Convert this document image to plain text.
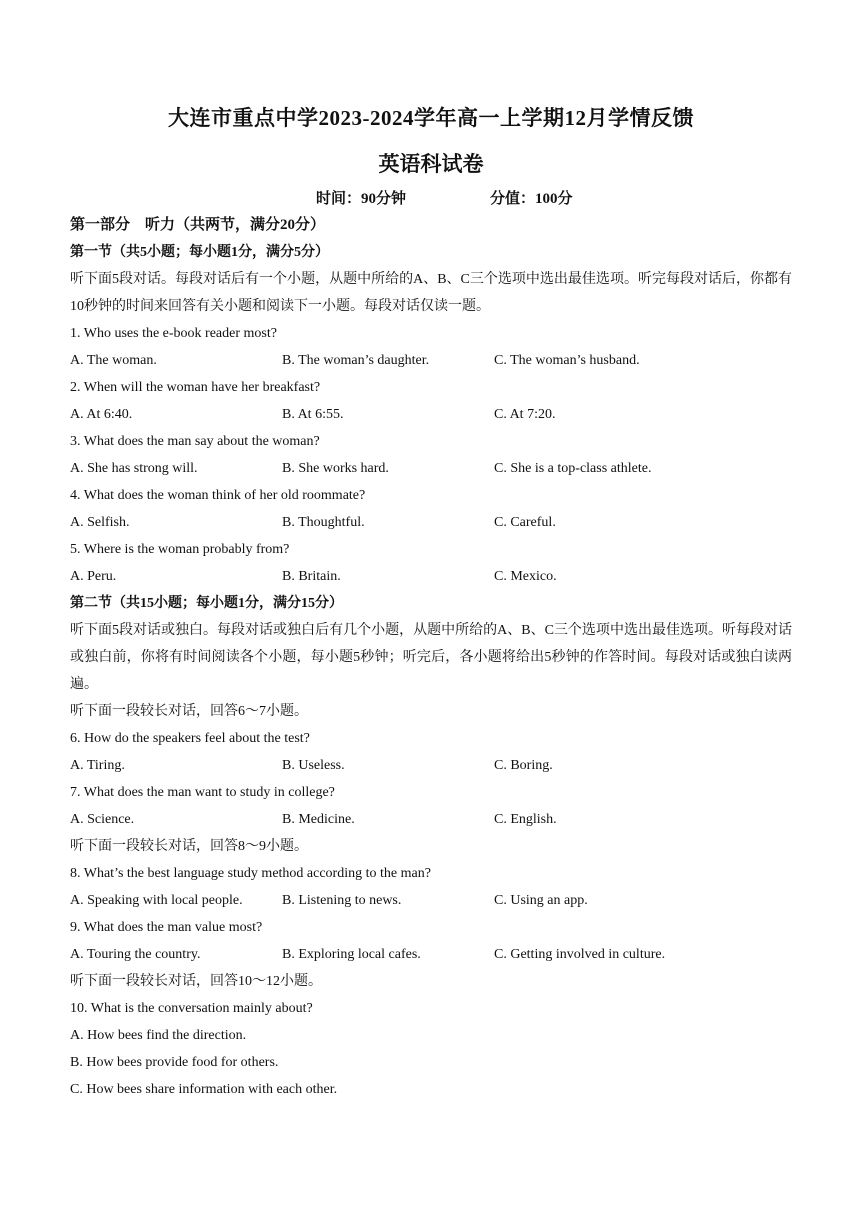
大连市重点中学2023-2024学年高一上学期12月学情反馈
英语科试卷
时间：90分钟	分值：100分
第一部分　听力（共两节，满分20分）
第一节（共5小题；每小题1分，满分5分）
听下面5段对话。每段对话后有一个小题，从题中所给的A、B、C三个选项中选出最佳选项。听完每段对话后，你都有10秒钟的时间来回答有关小题和阅读下一小题。每段对话仅读一题。
1. Who uses the e-book reader most?
A. The woman.	B. The woman’s daughter.	C. The woman’s husband.
2. When will the woman have her breakfast?
A. At 6:40.	B. At 6:55.	C. At 7:20.
3. What does the man say about the woman?
A. She has strong will.	B. She works hard.	C. She is a top-class athlete.
4. What does the woman think of her old roommate?
A. Selfish.	B. Thoughtful.	C. Careful.
5. Where is the woman probably from?
A. Peru.	B. Britain.	C. Mexico.
第二节（共15小题；每小题1分，满分15分）
听下面5段对话或独白。每段对话或独白后有几个小题，从题中所给的A、B、C三个选项中选出最佳选项。听每段对话或独白前，你将有时间阅读各个小题，每小题5秒钟；听完后，各小题将给出5秒钟的作答时间。每段对话或独白读两遍。
听下面一段较长对话，回答6～7小题。
6. How do the speakers feel about the test?
A. Tiring.	B. Useless.	C. Boring.
7. What does the man want to study in college?
A. Science.	B. Medicine.	C. English.
听下面一段较长对话，回答8～9小题。
8. What’s the best language study method according to the man?
A. Speaking with local people.	B. Listening to news.	C. Using an app.
9. What does the man value most?
A. Touring the country.	B. Exploring local cafes.	C. Getting involved in culture.
听下面一段较长对话，回答10～12小题。
10. What is the conversation mainly about?
A. How bees find the direction.
B. How bees provide food for others.
C. How bees share information with each other.
